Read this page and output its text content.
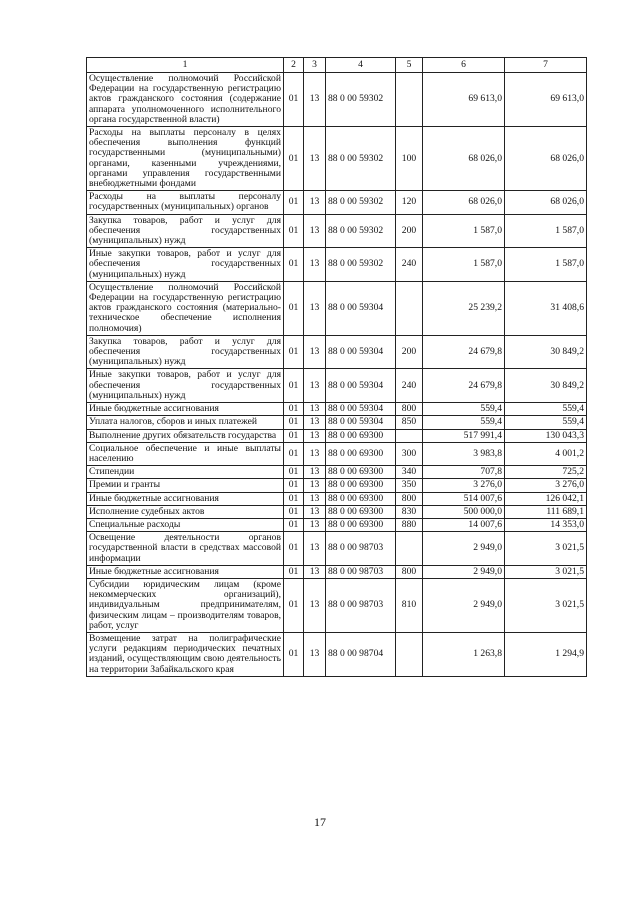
1	2	3	4	5	6	7
Осуществление полномочий Российской Федерации на государственную регистрацию актов гражданского состояния (содержание аппарата уполномоченного исполнительного органа государственной власти)	01	13	88 0 00 59302		69 613,0	69 613,0
Расходы на выплаты персоналу в целях обеспечения выполнения функций государственными (муниципальными) органами, казенными учреждениями, органами управления государственными внебюджетными фондами	01	13	88 0 00 59302	100	68 026,0	68 026,0
Расходы на выплаты персоналу государственных (муниципальных) органов	01	13	88 0 00 59302	120	68 026,0	68 026,0
Закупка товаров, работ и услуг для обеспечения государственных (муниципальных) нужд	01	13	88 0 00 59302	200	1 587,0	1 587,0
Иные закупки товаров, работ и услуг для обеспечения государственных (муниципальных) нужд	01	13	88 0 00 59302	240	1 587,0	1 587,0
Осуществление полномочий Российской Федерации на государственную регистрацию актов гражданского состояния (материально-техническое обеспечение исполнения полномочия)	01	13	88 0 00 59304		25 239,2	31 408,6
Закупка товаров, работ и услуг для обеспечения государственных (муниципальных) нужд	01	13	88 0 00 59304	200	24 679,8	30 849,2
Иные закупки товаров, работ и услуг для обеспечения государственных (муниципальных) нужд	01	13	88 0 00 59304	240	24 679,8	30 849,2
Иные бюджетные ассигнования	01	13	88 0 00 59304	800	559,4	559,4
Уплата налогов, сборов и иных платежей	01	13	88 0 00 59304	850	559,4	559,4
Выполнение других обязательств государства	01	13	88 0 00 69300		517 991,4	130 043,3
Социальное обеспечение и иные выплаты населению	01	13	88 0 00 69300	300	3 983,8	4 001,2
Стипендии	01	13	88 0 00 69300	340	707,8	725,2
Премии и гранты	01	13	88 0 00 69300	350	3 276,0	3 276,0
Иные бюджетные ассигнования	01	13	88 0 00 69300	800	514 007,6	126 042,1
Исполнение судебных актов	01	13	88 0 00 69300	830	500 000,0	111 689,1
Специальные расходы	01	13	88 0 00 69300	880	14 007,6	14 353,0
Освещение деятельности органов государственной власти в средствах массовой информации	01	13	88 0 00 98703		2 949,0	3 021,5
Иные бюджетные ассигнования	01	13	88 0 00 98703	800	2 949,0	3 021,5
Субсидии юридическим лицам (кроме некоммерческих организаций), индивидуальным предпринимателям, физическим лицам – производителям товаров, работ, услуг	01	13	88 0 00 98703	810	2 949,0	3 021,5
Возмещение затрат на полиграфические услуги редакциям периодических печатных изданий, осуществляющим свою деятельность на территории Забайкальского края	01	13	88 0 00 98704		1 263,8	1 294,9
17
